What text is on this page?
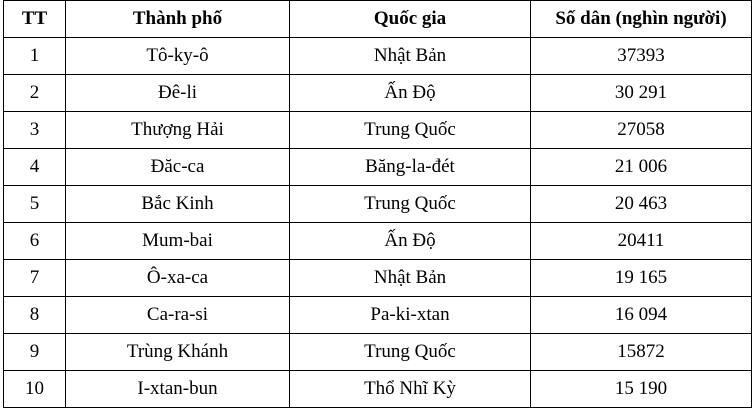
TT	Thành phố	Quốc gia	Số dân (nghìn người)
1	Tô-ky-ô	Nhật Bản	37393
2	Đê-li	Ấn Độ	30 291
3	Thượng Hải	Trung Quốc	27058
4	Đăc-ca	Băng-la-đét	21 006
5	Bắc Kinh	Trung Quốc	20 463
6	Mum-bai	Ấn Độ	20411
7	Ô-xa-ca	Nhật Bản	19 165
8	Ca-ra-si	Pa-ki-xtan	16 094
9	Trùng Khánh	Trung Quốc	15872
10	I-xtan-bun	Thổ Nhĩ Kỳ	15 190
